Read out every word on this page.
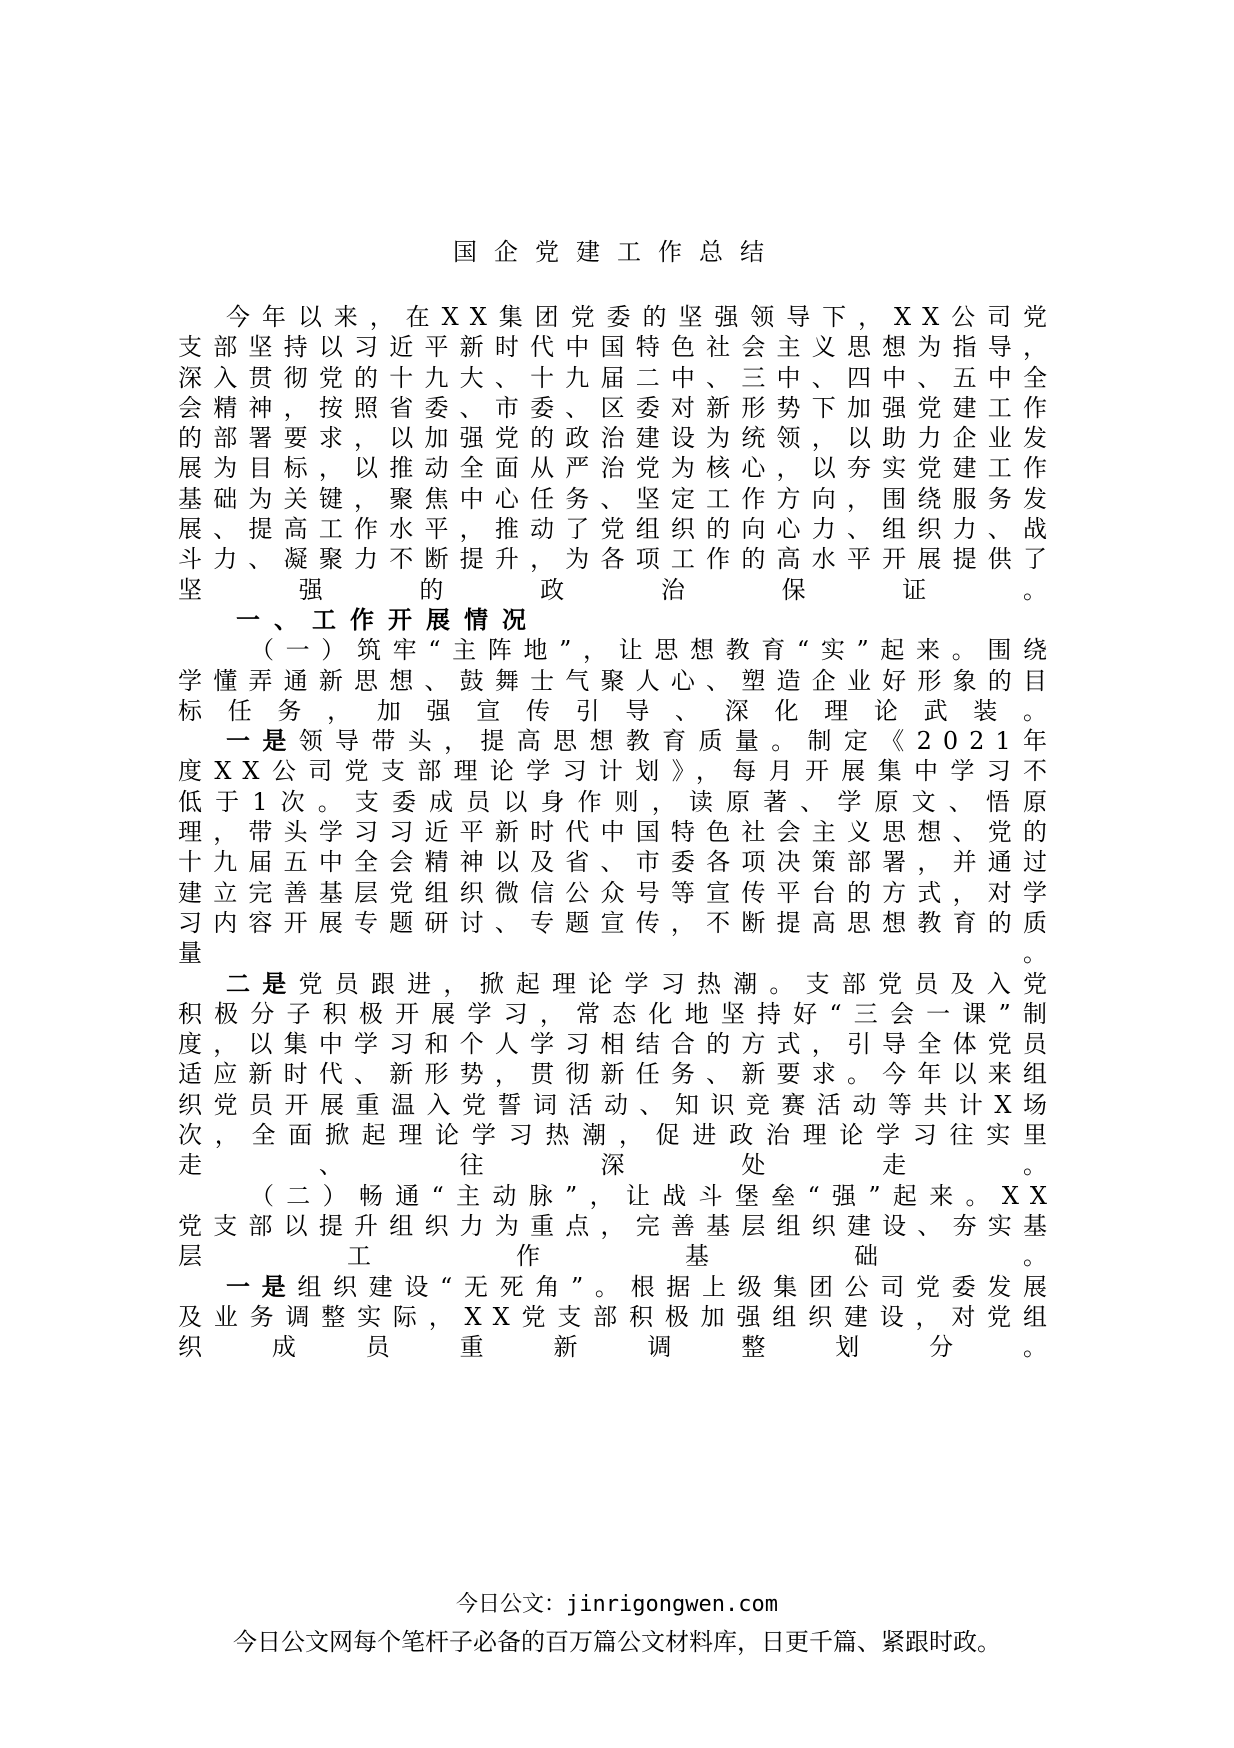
国企党建工作总结

今年以来，在XX集团党委的坚强领导下，XX公司党支部坚持以习近平新时代中国特色社会主义思想为指导，深入贯彻党的十九大、十九届二中、三中、四中、五中全会精神，按照省委、市委、区委对新形势下加强党建工作的部署要求，以加强党的政治建设为统领，以助力企业发展为目标，以推动全面从严治党为核心，以夯实党建工作基础为关键，聚焦中心任务、坚定工作方向，围绕服务发展、提高工作水平，推动了党组织的向心力、组织力、战斗力、凝聚力不断提升，为各项工作的高水平开展提供了坚强的政治保证。

一、工作开展情况

（一）筑牢“主阵地”，让思想教育“实”起来。围绕学懂弄通新思想、鼓舞士气聚人心、塑造企业好形象的目标任务，加强宣传引导、深化理论武装。

一是领导带头，提高思想教育质量。制定《2021年度XX公司党支部理论学习计划》，每月开展集中学习不低于1次。支委成员以身作则，读原著、学原文、悟原理，带头学习习近平新时代中国特色社会主义思想、党的十九届五中全会精神以及省、市委各项决策部署，并通过建立完善基层党组织微信公众号等宣传平台的方式，对学习内容开展专题研讨、专题宣传，不断提高思想教育的质量。

二是党员跟进，掀起理论学习热潮。支部党员及入党积极分子积极开展学习，常态化地坚持好“三会一课”制度，以集中学习和个人学习相结合的方式，引导全体党员适应新时代、新形势，贯彻新任务、新要求。今年以来组织党员开展重温入党誓词活动、知识竞赛活动等共计X场次，全面掀起理论学习热潮，促进政治理论学习往实里走、往深处走。

（二）畅通“主动脉”，让战斗堡垒“强”起来。XX党支部以提升组织力为重点，完善基层组织建设、夯实基层工作基础。

一是组织建设“无死角”。根据上级集团公司党委发展及业务调整实际，XX党支部积极加强组织建设，对党组织成员重新调整划分。

今日公文：jinrigongwen.com
今日公文网每个笔杆子必备的百万篇公文材料库，日更千篇、紧跟时政。
